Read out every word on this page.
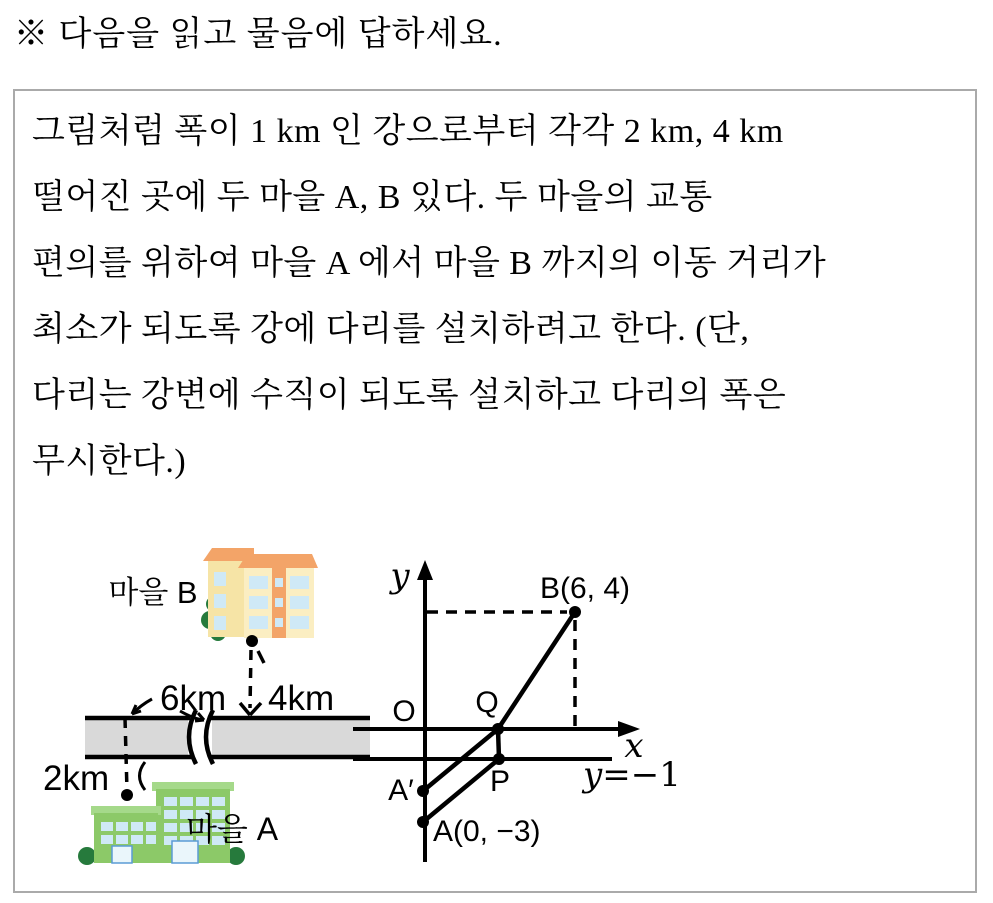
※ 다음을 읽고 물음에 답하세요.
그림처럼 폭이 1 km 인 강으로부터 각각 2 km, 4 km
떨어진 곳에 두 마을 A, B 있다. 두 마을의 교통
편의를 위하여 마을 A 에서 마을 B 까지의 이동 거리가
최소가 되도록 강에 다리를 설치하려고 한다. (단,
다리는 강변에 수직이 되도록 설치하고 다리의 폭은
무시한다.)
마을 B
6km 4km
2km
마을 A
y
x
O
y=−1
B(6, 4)
Q
P
A′
A(0, −3)
